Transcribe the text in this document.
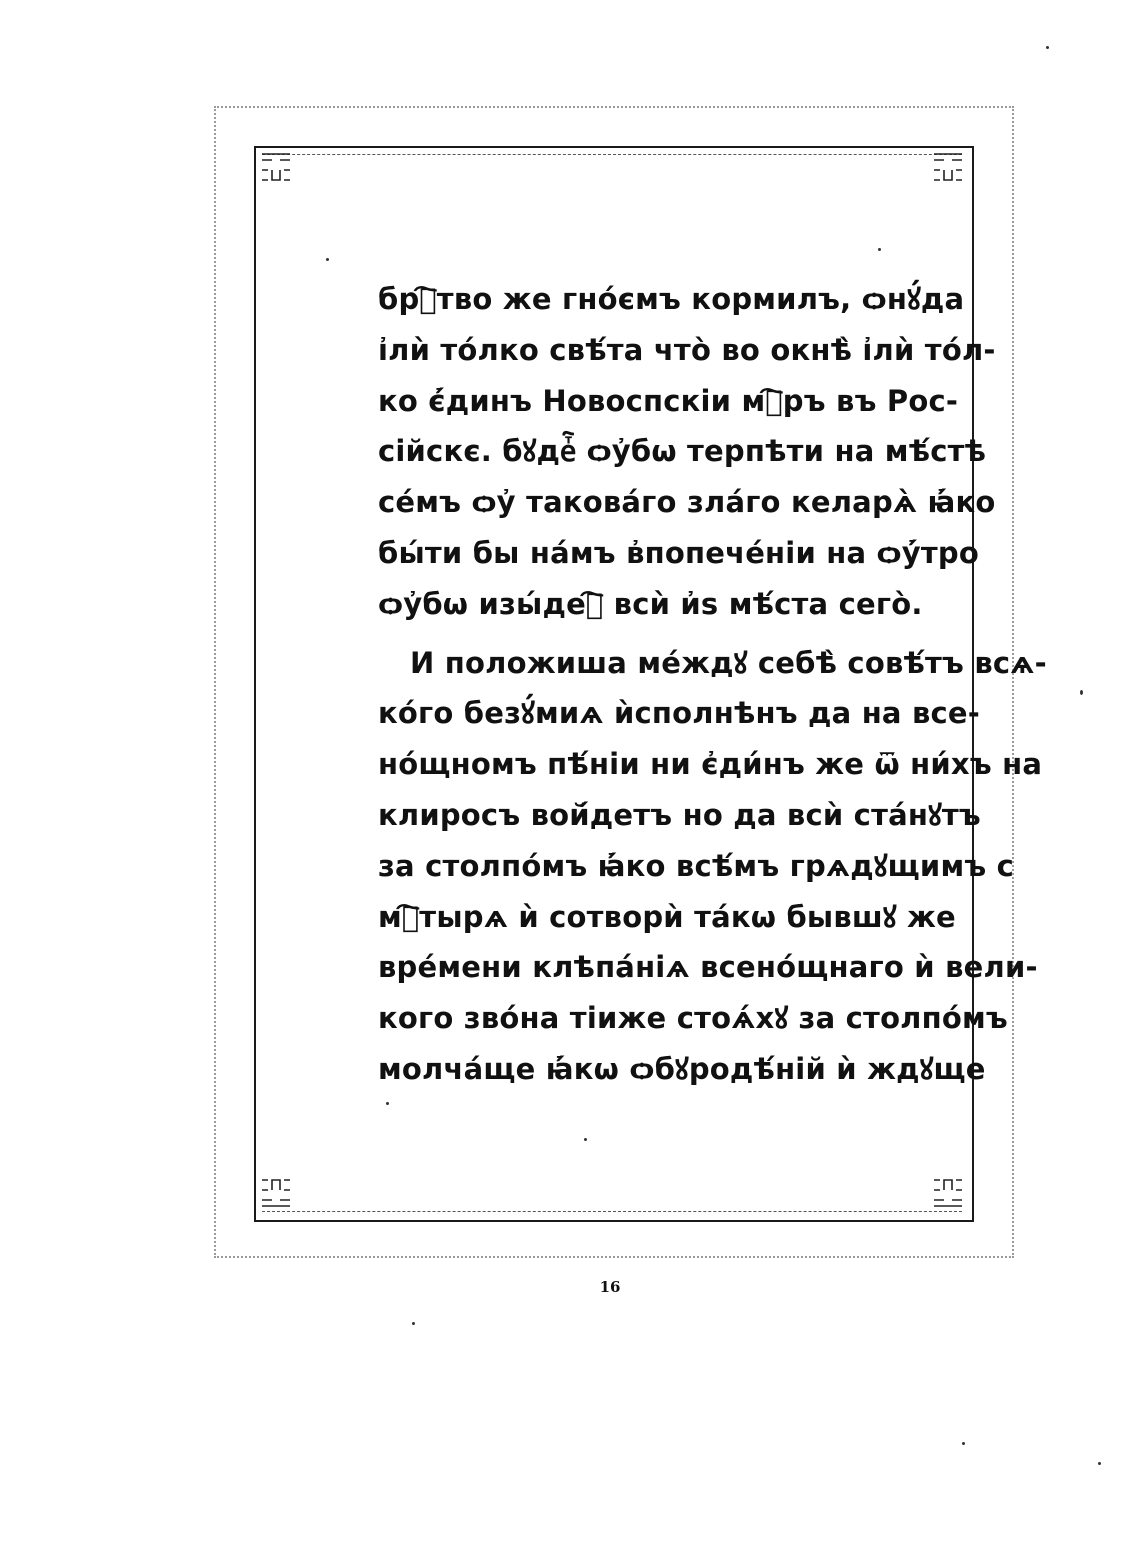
брⷭ҇тво же гнóємъ кормилъ, ѻнꙋ́да
і҆лѝ тóлко свѣ́та чтò во окнѣ̀ і҆лѝ тóл-
ко є҆́динъ Новоспскіи мⷮ҇ръ въ Рос-
сійскє. бꙋдеⷮ҇ ѻу҆бѡ терпѣти на мѣ́стѣ
сéмъ ѻу҆ таковáго злáго келарѧ̀ ꙗ҆́ко
бы́ти бы нáмъ в҆попечéніи на ѻу҆́тро
ѻу҆бѡ изы́деⷮ҇ всѝ и҆ѕ мѣ́ста сегò.
И положиша мéждꙋ себѣ̀ совѣ́тъ всѧ-
кóго безꙋ́миѧ ѝсполнѣнъ да на все-
нóщномъ пѣ́ніи ни є҆ди́нъ же ѿ ни́хъ на
клиросъ вой́детъ но да всѝ стáнꙋтъ
за столпóмъ ꙗ҆́ко всѣ́мъ грѧдꙋщимъ с
мⷮ҇тырѧ ѝ сотворѝ тáкѡ бывшꙋ же
врéмени клѣпáніѧ всенóщнаго ѝ вели-
кого звóна тіиже стоѧ́хꙋ за столпóмъ
молчáще ꙗ҆́кѡ ѻбꙋродѣ́ній ѝ ждꙋще
16
